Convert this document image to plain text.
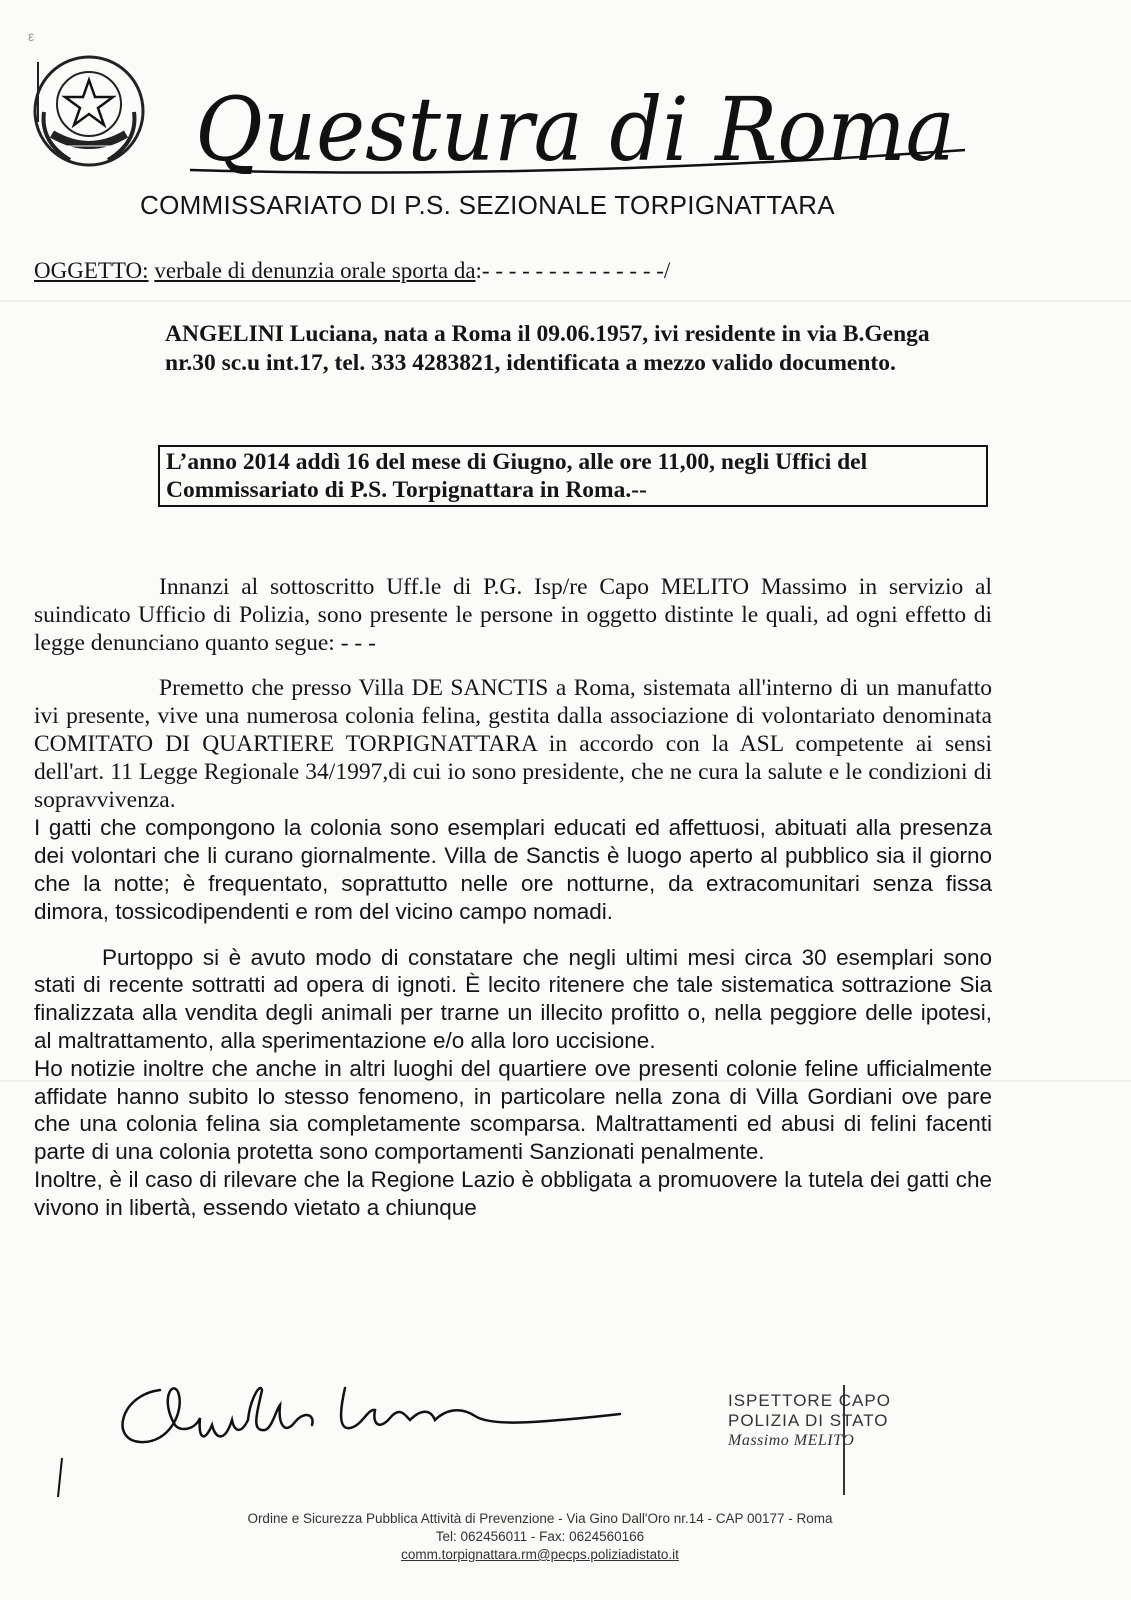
ε
Questura di Roma
COMMISSARIATO DI P.S. SEZIONALE TORPIGNATTARA
OGGETTO: verbale di denunzia orale sporta da:- - - - - - - - - - - - - -/
ANGELINI Luciana, nata a Roma il 09.06.1957, ivi residente in via B.Genga nr.30 sc.u int.17, tel. 333 4283821, identificata a mezzo valido documento.
L’anno 2014 addì 16 del mese di Giugno, alle ore 11,00, negli Uffici del Commissariato di P.S. Torpignattara in Roma.--

Innanzi al sottoscritto Uff.le di P.G. Isp/re Capo MELITO Massimo in servizio al suindicato Ufficio di Polizia, sono presente le persone in oggetto distinte le quali, ad ogni effetto di legge denunciano quanto segue: - - -

Premetto che presso Villa DE SANCTIS a Roma, sistemata all'interno di un manufatto ivi presente, vive una numerosa colonia felina, gestita dalla associazione di volontariato denominata COMITATO DI QUARTIERE TORPIGNATTARA in accordo con la ASL competente ai sensi dell'art. 11 Legge Regionale 34/1997,di cui io sono presidente, che ne cura la salute e le condizioni di sopravvivenza.

I gatti che compongono la colonia sono esemplari educati ed affettuosi, abituati alla presenza dei volontari che li curano giornalmente. Villa de Sanctis è luogo aperto al pubblico sia il giorno che la notte; è frequentato, soprattutto nelle ore notturne, da extracomunitari senza fissa dimora, tossicodipendenti e rom del vicino campo nomadi.

Purtoppo si è avuto modo di constatare che negli ultimi mesi circa 30 esemplari sono stati di recente sottratti ad opera di ignoti. È lecito ritenere che tale sistematica sottrazione Sia finalizzata alla vendita degli animali per trarne un illecito profitto o, nella peggiore delle ipotesi, al maltrattamento, alla sperimentazione e/o alla loro uccisione.

Ho notizie inoltre che anche in altri luoghi del quartiere ove presenti colonie feline ufficialmente affidate hanno subito lo stesso fenomeno, in particolare nella zona di Villa Gordiani ove pare che una colonia felina sia completamente scomparsa. Maltrattamenti ed abusi di felini facenti parte di una colonia protetta sono comportamenti Sanzionati penalmente.

Inoltre, è il caso di rilevare che la Regione Lazio è obbligata a promuovere la tutela dei gatti che vivono in libertà, essendo vietato a chiunque

ISPETTORE CAPO
POLIZIA DI STATO
Massimo MELITO
Ordine e Sicurezza Pubblica Attività di Prevenzione - Via Gino Dall'Oro nr.14 - CAP 00177 - Roma
Tel: 062456011 - Fax: 0624560166
comm.torpignattara.rm@pecps.poliziadistato.it
